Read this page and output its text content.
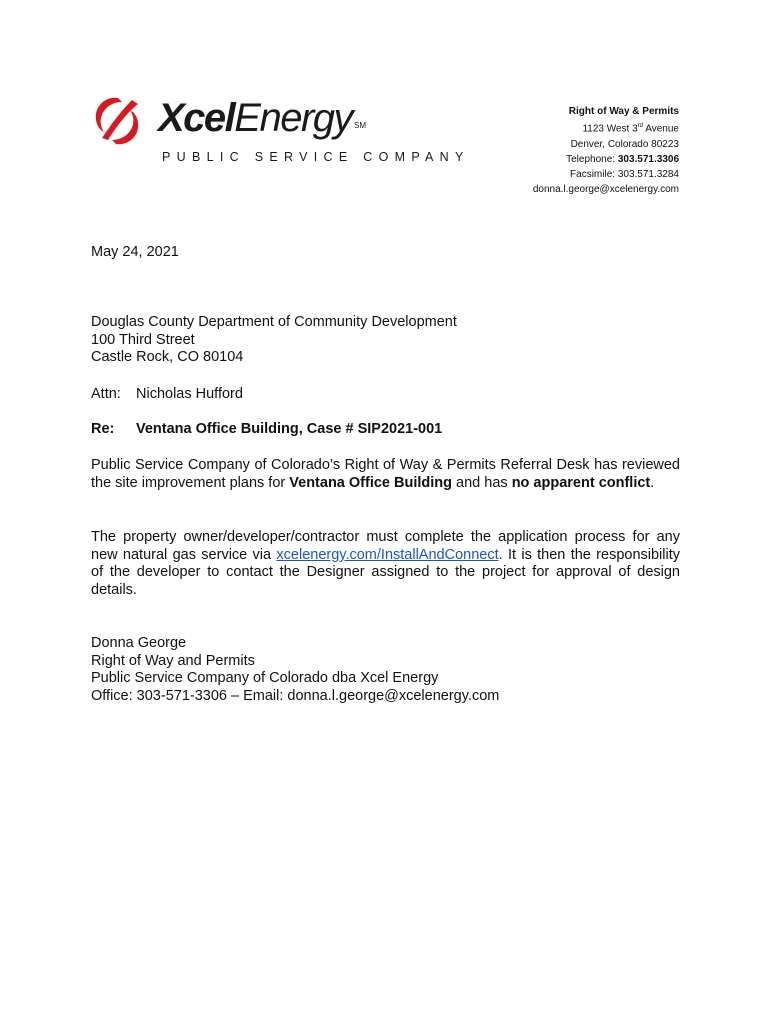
XcelEnergy ℠
PUBLIC SERVICE COMPANY
Right of Way & Permits
1123 West 3rd Avenue
Denver, Colorado 80223
Telephone: 303.571.3306
Facsimile: 303.571.3284
donna.l.george@xcelenergy.com
May 24, 2021
Douglas County Department of Community Development
100 Third Street
Castle Rock, CO 80104
Attn: Nicholas Hufford
Re: Ventana Office Building, Case # SIP2021-001
Public Service Company of Colorado’s Right of Way & Permits Referral Desk has reviewed the site improvement plans for Ventana Office Building and has no apparent conflict.
The property owner/developer/contractor must complete the application process for any new natural gas service via xcelenergy.com/InstallAndConnect. It is then the responsibility of the developer to contact the Designer assigned to the project for approval of design details.
Donna George
Right of Way and Permits
Public Service Company of Colorado dba Xcel Energy
Office: 303-571-3306 – Email: donna.l.george@xcelenergy.com
